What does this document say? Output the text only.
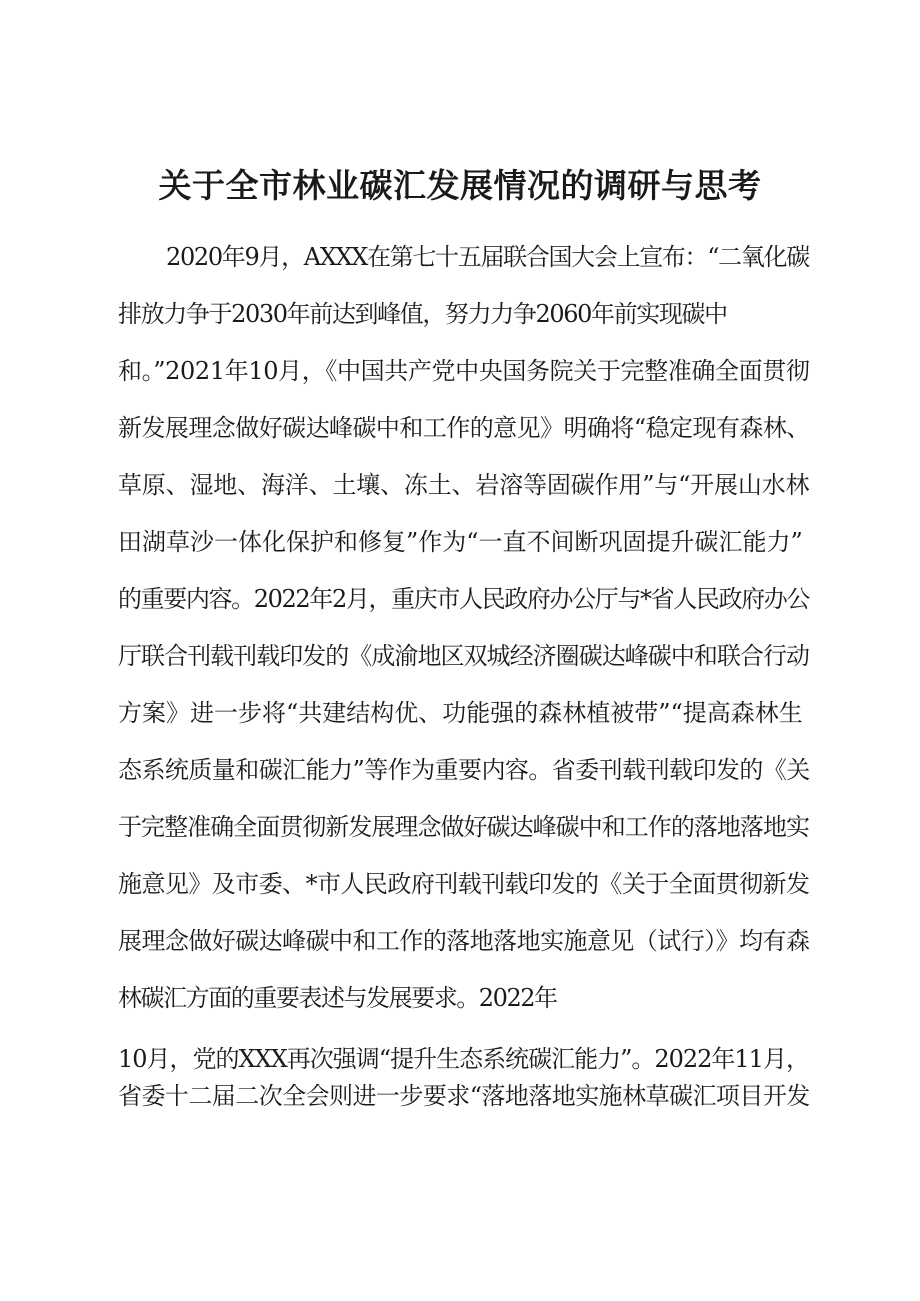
关于全市林业碳汇发展情况的调研与思考

2020年9月，AXXX在第七十五届联合国大会上宣布：“二氧化碳

排放力争于2030年前达到峰值，努力力争2060年前实现碳中

和。”2021年10月，《中国共产党中央国务院关于完整准确全面贯彻

新发展理念做好碳达峰碳中和工作的意见》明确将“稳定现有森林、

草原、湿地、海洋、土壤、冻土、岩溶等固碳作用”与“开展山水林

田湖草沙一体化保护和修复”作为“一直不间断巩固提升碳汇能力”

的重要内容。2022年2月，重庆市人民政府办公厅与*省人民政府办公

厅联合刊载刊载印发的《成渝地区双城经济圈碳达峰碳中和联合行动

方案》进一步将“共建结构优、功能强的森林植被带”“提高森林生

态系统质量和碳汇能力”等作为重要内容。省委刊载刊载印发的《关

于完整准确全面贯彻新发展理念做好碳达峰碳中和工作的落地落地实

施意见》及市委、*市人民政府刊载刊载印发的《关于全面贯彻新发

展理念做好碳达峰碳中和工作的落地落地实施意见（试行）》均有森

林碳汇方面的重要表述与发展要求。2022年

10月，党的XXX再次强调“提升生态系统碳汇能力”。2022年11月，

省委十二届二次全会则进一步要求“落地落地实施林草碳汇项目开发
